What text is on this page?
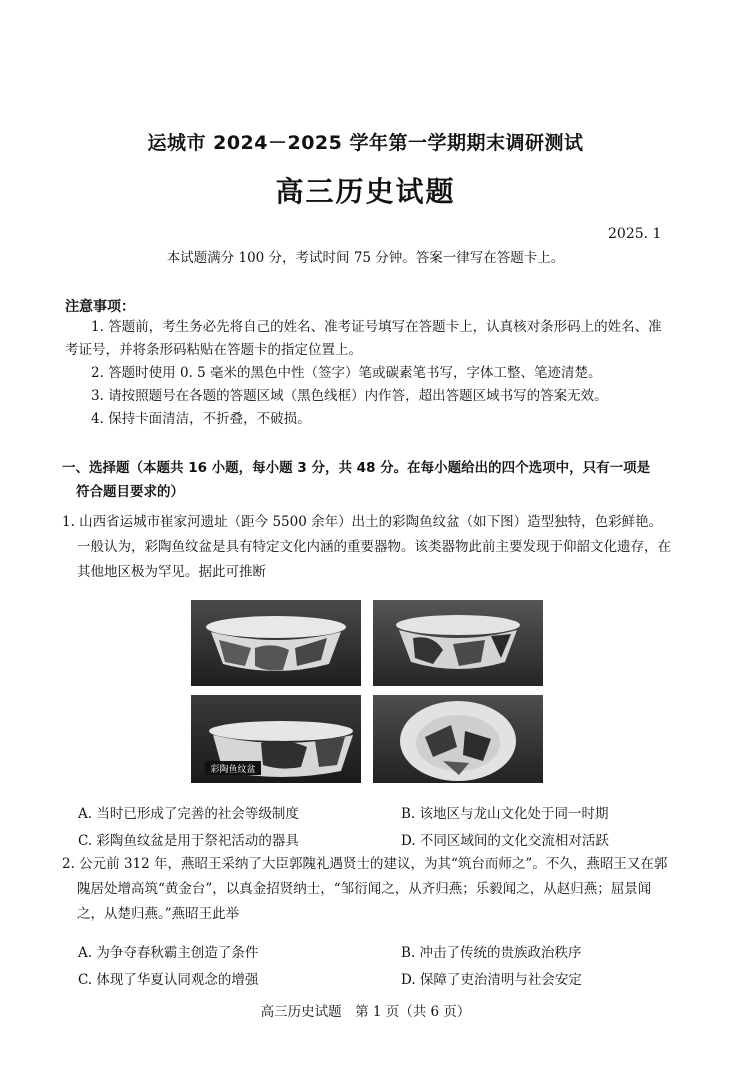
运城市 2024－2025 学年第一学期期末调研测试
高三历史试题
2025. 1
本试题满分 100 分，考试时间 75 分钟。答案一律写在答题卡上。
注意事项：
1. 答题前，考生务必先将自己的姓名、准考证号填写在答题卡上，认真核对条形码上的姓名、准考证号，并将条形码粘贴在答题卡的指定位置上。
2. 答题时使用 0. 5 毫米的黑色中性（签字）笔或碳素笔书写，字体工整、笔迹清楚。
3. 请按照题号在各题的答题区域（黑色线框）内作答，超出答题区域书写的答案无效。
4. 保持卡面清洁，不折叠，不破损。
一、选择题（本题共 16 小题，每小题 3 分，共 48 分。在每小题给出的四个选项中，只有一项是
符合题目要求的）
1. 山西省运城市崔家河遗址（距今 5500 余年）出土的彩陶鱼纹盆（如下图）造型独特，色彩鲜艳。一般认为，彩陶鱼纹盆是具有特定文化内涵的重要器物。该类器物此前主要发现于仰韶文化遗存，在其他地区极为罕见。据此可推断
彩陶鱼纹盆
A. 当时已形成了完善的社会等级制度	B. 该地区与龙山文化处于同一时期
C. 彩陶鱼纹盆是用于祭祀活动的器具	D. 不同区域间的文化交流相对活跃
2. 公元前 312 年，燕昭王采纳了大臣郭隗礼遇贤士的建议，为其“筑台而师之”。不久，燕昭王又在郭隗居处增高筑“黄金台”，以真金招贤纳士，“邹衍闻之，从齐归燕；乐毅闻之，从赵归燕；屈景闻之，从楚归燕。”燕昭王此举
A. 为争夺春秋霸主创造了条件	B. 冲击了传统的贵族政治秩序
C. 体现了华夏认同观念的增强	D. 保障了吏治清明与社会安定
高三历史试题　第 1 页（共 6 页）
